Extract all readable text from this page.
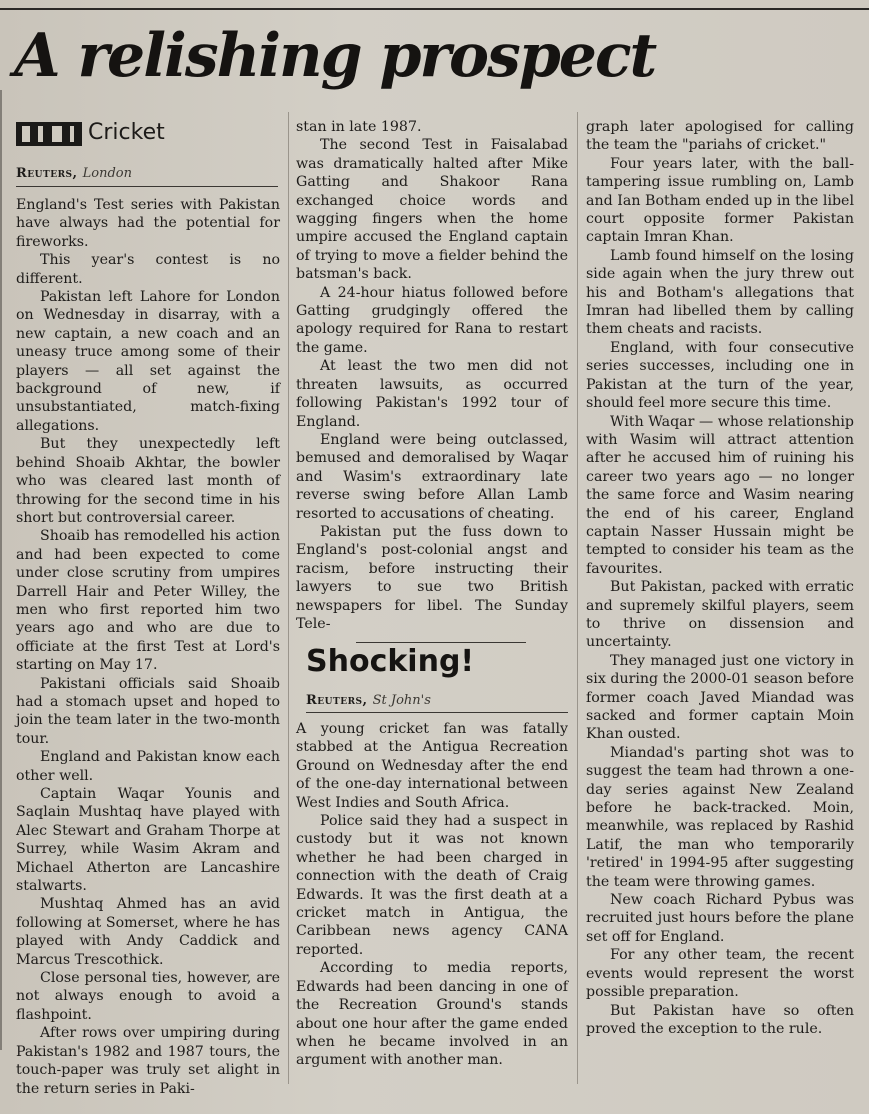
A relishing prospect
Cricket
Reuters, London

England's Test series with Pakistan have always had the potential for fireworks.

This year's contest is no different.

Pakistan left Lahore for London on Wednesday in disarray, with a new captain, a new coach and an uneasy truce among some of their players — all set against the background of new, if unsubstantiated, match-fixing allegations.

But they unexpectedly left behind Shoaib Akhtar, the bowler who was cleared last month of throwing for the second time in his short but controversial career.

Shoaib has remodelled his action and had been expected to come under close scrutiny from umpires Darrell Hair and Peter Willey, the men who first reported him two years ago and who are due to officiate at the first Test at Lord's starting on May 17.

Pakistani officials said Shoaib had a stomach upset and hoped to join the team later in the two-month tour.

England and Pakistan know each other well.

Captain Waqar Younis and Saqlain Mushtaq have played with Alec Stewart and Graham Thorpe at Surrey, while Wasim Akram and Michael Atherton are Lancashire stalwarts.

Mushtaq Ahmed has an avid following at Somerset, where he has played with Andy Caddick and Marcus Trescothick.

Close personal ties, however, are not always enough to avoid a flashpoint.

After rows over umpiring during Pakistan's 1982 and 1987 tours, the touch-paper was truly set alight in the return series in Paki-

stan in late 1987.

The second Test in Faisalabad was dramatically halted after Mike Gatting and Shakoor Rana exchanged choice words and wagging fingers when the home umpire accused the England captain of trying to move a fielder behind the batsman's back.

A 24-hour hiatus followed before Gatting grudgingly offered the apology required for Rana to restart the game.

At least the two men did not threaten lawsuits, as occurred following Pakistan's 1992 tour of England.

England were being outclassed, bemused and demoralised by Waqar and Wasim's extraordinary late reverse swing before Allan Lamb resorted to accusations of cheating.

Pakistan put the fuss down to England's post-colonial angst and racism, before instructing their lawyers to sue two British newspapers for libel. The Sunday Tele-

Shocking!
Reuters, St John's

A young cricket fan was fatally stabbed at the Antigua Recreation Ground on Wednesday after the end of the one-day international between West Indies and South Africa.

Police said they had a suspect in custody but it was not known whether he had been charged in connection with the death of Craig Edwards. It was the first death at a cricket match in Antigua, the Caribbean news agency CANA reported.

According to media reports, Edwards had been dancing in one of the Recreation Ground's stands about one hour after the game ended when he became involved in an argument with another man.

graph later apologised for calling the team the "pariahs of cricket."

Four years later, with the ball-tampering issue rumbling on, Lamb and Ian Botham ended up in the libel court opposite former Pakistan captain Imran Khan.

Lamb found himself on the losing side again when the jury threw out his and Botham's allegations that Imran had libelled them by calling them cheats and racists.

England, with four consecutive series successes, including one in Pakistan at the turn of the year, should feel more secure this time.

With Waqar — whose relationship with Wasim will attract attention after he accused him of ruining his career two years ago — no longer the same force and Wasim nearing the end of his career, England captain Nasser Hussain might be tempted to consider his team as the favourites.

But Pakistan, packed with erratic and supremely skilful players, seem to thrive on dissension and uncertainty.

They managed just one victory in six during the 2000-01 season before former coach Javed Miandad was sacked and former captain Moin Khan ousted.

Miandad's parting shot was to suggest the team had thrown a one-day series against New Zealand before he back-tracked. Moin, meanwhile, was replaced by Rashid Latif, the man who temporarily 'retired' in 1994-95 after suggesting the team were throwing games.

New coach Richard Pybus was recruited just hours before the plane set off for England.

For any other team, the recent events would represent the worst possible preparation.

But Pakistan have so often proved the exception to the rule.
